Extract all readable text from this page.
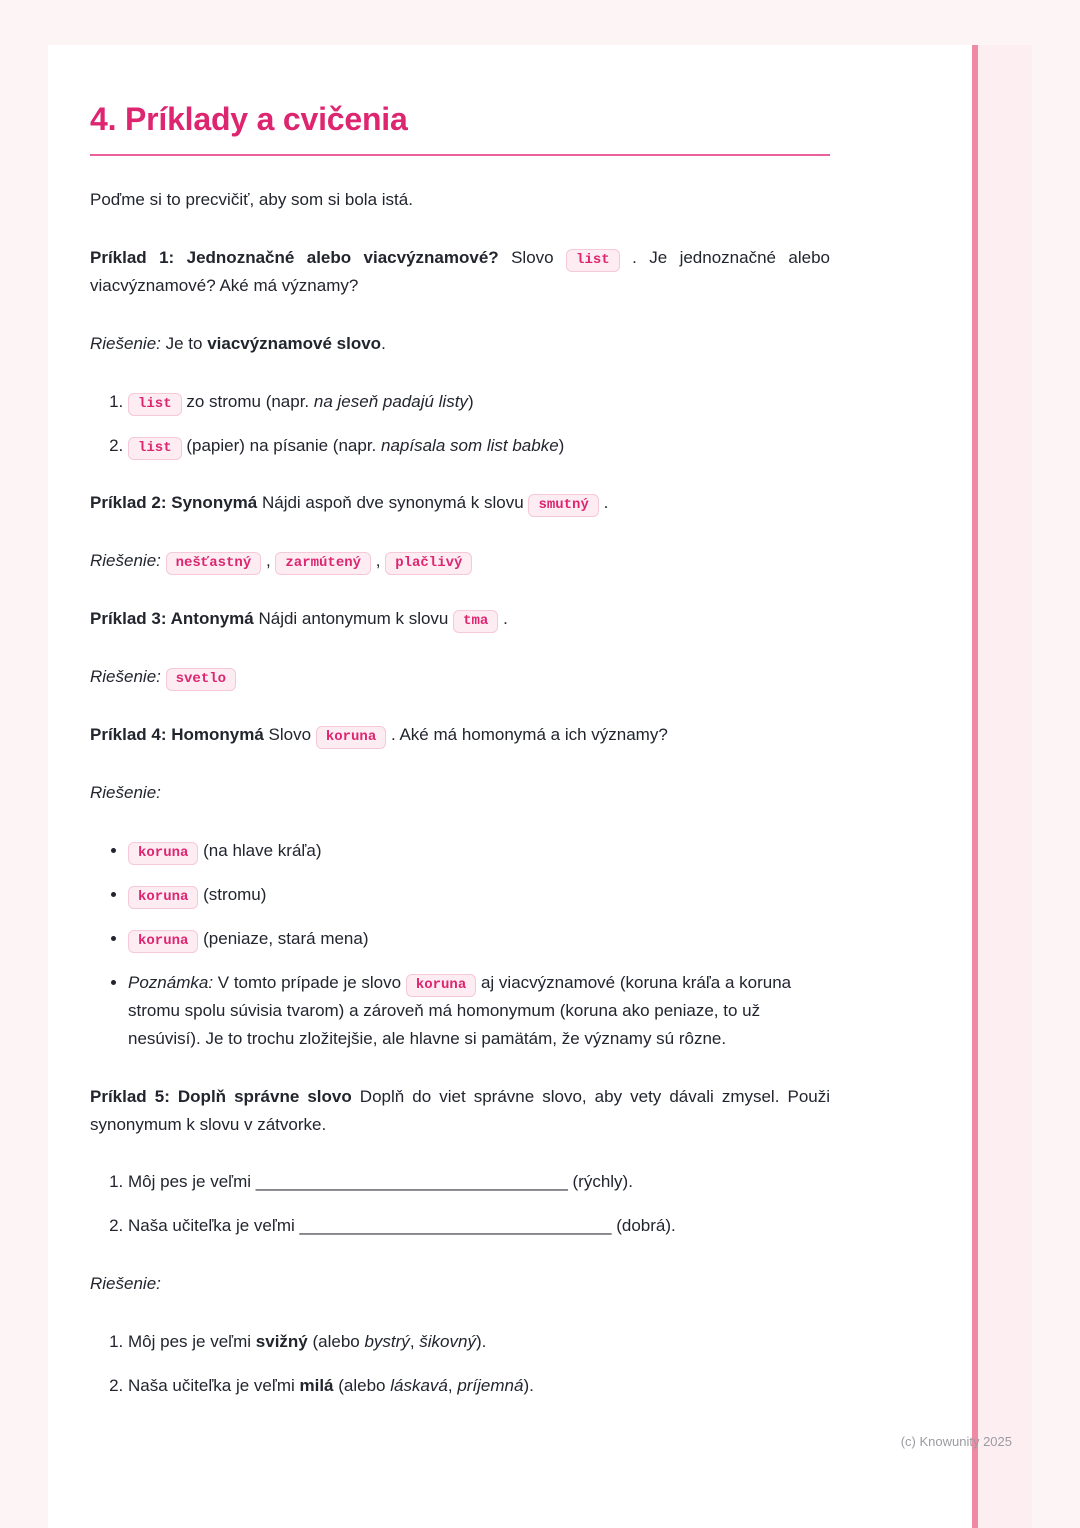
4. Príklady a cvičenia

Poďme si to precvičiť, aby som si bola istá.

Príklad 1: Jednoznačné alebo viacvýznamové? Slovo list . Je jednoznačné alebo viacvýznamové? Aké má významy?

Riešenie: Je to viacvýznamové slovo.

1. list zo stromu (napr. na jeseň padajú listy)
2. list (papier) na písanie (napr. napísala som list babke)

Príklad 2: Synonymá Nájdi aspoň dve synonymá k slovu smutný .

Riešenie: nešťastný , zarmútený , plačlivý

Príklad 3: Antonymá Nájdi antonymum k slovu tma .

Riešenie: svetlo

Príklad 4: Homonymá Slovo koruna . Aké má homonymá a ich významy?

Riešenie:

• koruna (na hlave kráľa)
• koruna (stromu)
• koruna (peniaze, stará mena)
• Poznámka: V tomto prípade je slovo koruna aj viacvýznamové (koruna kráľa a koruna stromu spolu súvisia tvarom) a zároveň má homonymum (koruna ako peniaze, to už nesúvisí). Je to trochu zložitejšie, ale hlavne si pamätám, že významy sú rôzne.

Príklad 5: Doplň správne slovo Doplň do viet správne slovo, aby vety dávali zmysel. Použi synonymum k slovu v zátvorke.

1. Môj pes je veľmi _________________________________ (rýchly).
2. Naša učiteľka je veľmi _________________________________ (dobrá).

Riešenie:

1. Môj pes je veľmi svižný (alebo bystrý, šikovný).
2. Naša učiteľka je veľmi milá (alebo láskavá, príjemná).
(c) Knowunity 2025
